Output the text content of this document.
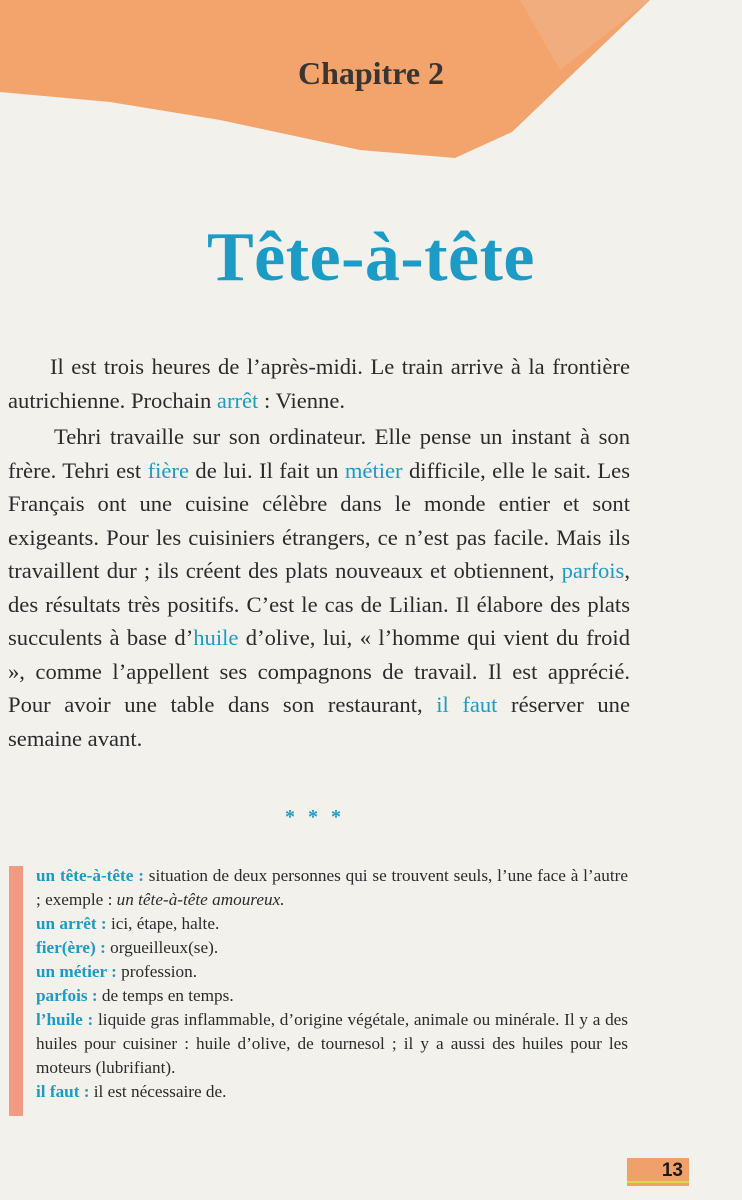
Chapitre 2
Tête-à-tête

Il est trois heures de l’après-midi. Le train arrive à la frontière autrichienne. Prochain arrêt : Vienne.

Tehri travaille sur son ordinateur. Elle pense un instant à son frère. Tehri est fière de lui. Il fait un métier difficile, elle le sait. Les Français ont une cuisine célèbre dans le monde entier et sont exigeants. Pour les cuisiniers étrangers, ce n’est pas facile. Mais ils travaillent dur ; ils créent des plats nouveaux et obtiennent, parfois, des résultats très positifs. C’est le cas de Lilian. Il élabore des plats succulents à base d’huile d’olive, lui, « l’homme qui vient du froid », comme l’appellent ses compagnons de travail. Il est apprécié. Pour avoir une table dans son restaurant, il faut réserver une semaine avant.

* * *

un tête-à-tête : situation de deux personnes qui se trouvent seuls, l’une face à l’autre ; exemple : un tête-à-tête amoureux.

un arrêt : ici, étape, halte.

fier(ère) : orgueilleux(se).

un métier : profession.

parfois : de temps en temps.

l’huile : liquide gras inflammable, d’origine végétale, animale ou minérale. Il y a des huiles pour cuisiner : huile d’olive, de tournesol ; il y a aussi des huiles pour les moteurs (lubrifiant).

il faut : il est nécessaire de.

13
